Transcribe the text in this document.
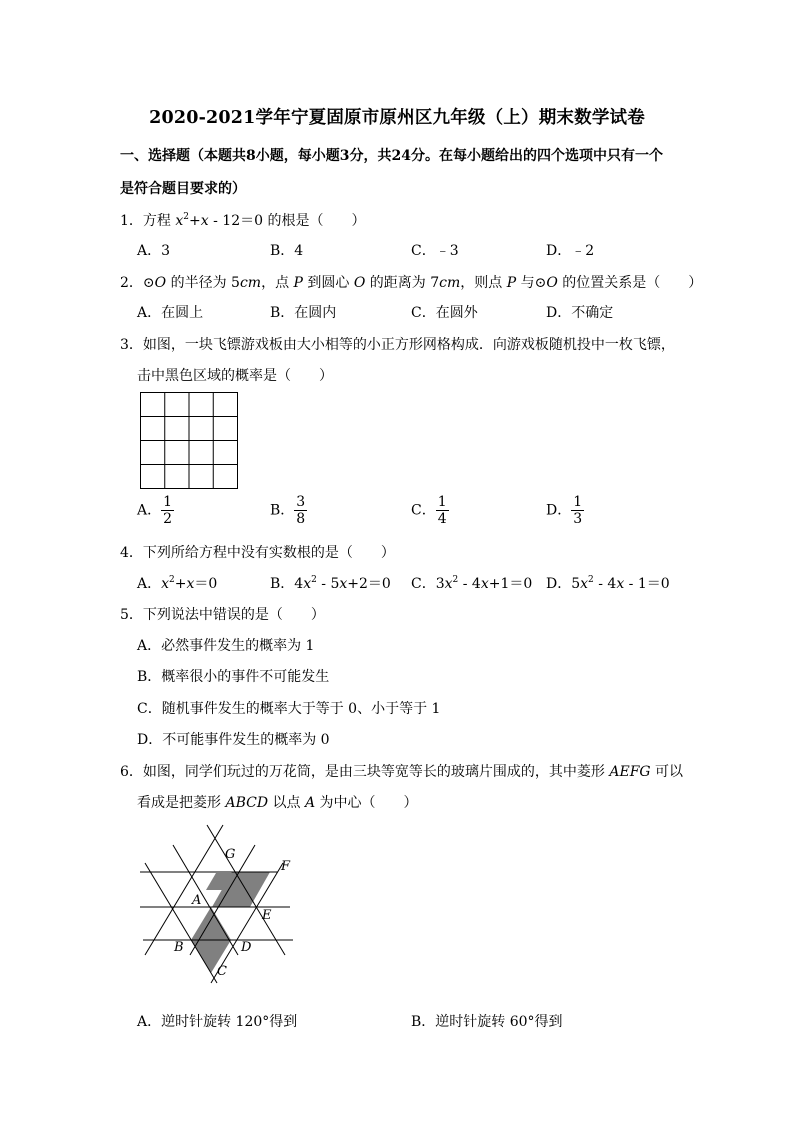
2020-2021学年宁夏固原市原州区九年级（上）期末数学试卷
一、选择题（本题共8小题，每小题3分，共24分。在每小题给出的四个选项中只有一个
是符合题目要求的）
1．方程 $x^2+x - 12=0$ 的根是（　　）
A．3	B．4	C．﹣3	D．﹣2
2．⊙O 的半径为 5cm，点 P 到圆心 O 的距离为 7cm，则点 P 与⊙O 的位置关系是（　　）
A．在圆上	B．在圆内	C．在圆外	D．不确定
3．如图，一块飞镖游戏板由大小相等的小正方形网格构成．向游戏板随机投中一枚飞镖，
击中黑色区域的概率是（　　）
A． $\frac{1}{2}$	B． $\frac{3}{8}$	C． $\frac{1}{4}$	D． $\frac{1}{3}$
4．下列所给方程中没有实数根的是（　　）
A．$x^2+x=0$	B．$4x^2 - 5x+2=0$ C．$3x^2 - 4x+1=0$ D．$5x^2 - 4x - 1=0$
5．下列说法中错误的是（　　）
A．必然事件发生的概率为 1
B．概率很小的事件不可能发生
C．随机事件发生的概率大于等于 0、小于等于 1
D．不可能事件发生的概率为 0
6．如图，同学们玩过的万花筒，是由三块等宽等长的玻璃片围成的，其中菱形 AEFG 可以
看成是把菱形 ABCD 以点 A 为中心（　　）
G
F
A
E
B	D
C
A．逆时针旋转 120°得到	B．逆时针旋转 60°得到
